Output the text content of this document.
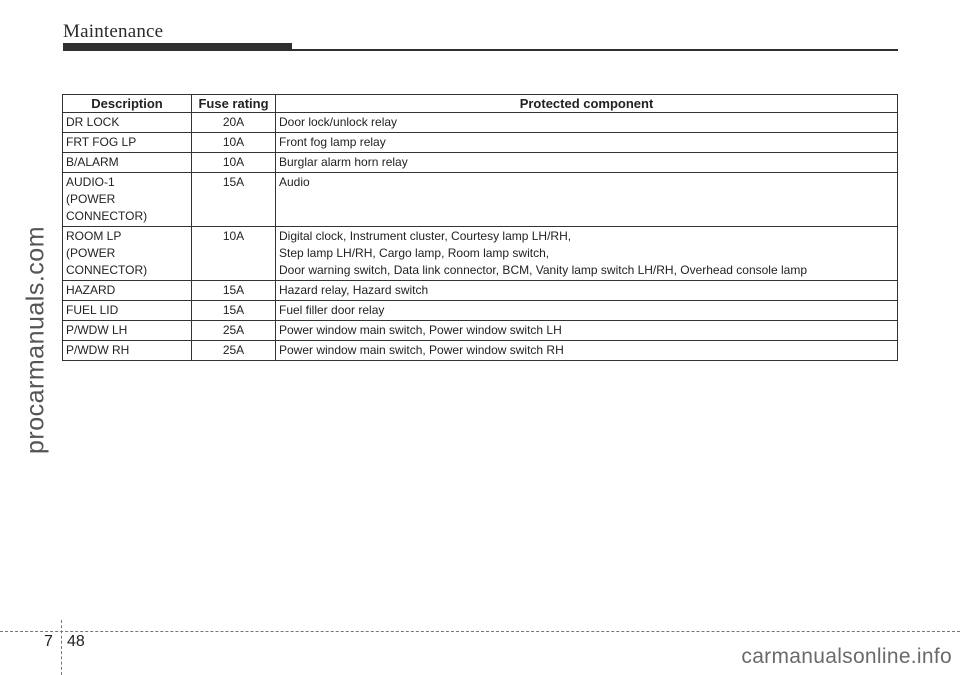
Maintenance
procarmanuals.com
Description	Fuse rating	Protected component

DR LOCK	20A	Door lock/unlock relay

FRT FOG LP	10A	Front fog lamp relay

B/ALARM	10A	Burglar alarm horn relay

AUDIO-1
(POWER
CONNECTOR)	15A	Audio

ROOM LP
(POWER
CONNECTOR)	10A	Digital clock, Instrument cluster, Courtesy lamp LH/RH,
Step lamp LH/RH, Cargo lamp, Room lamp switch,
Door warning switch, Data link connector, BCM, Vanity lamp switch LH/RH, Overhead console lamp

HAZARD	15A	Hazard relay, Hazard switch

FUEL LID	15A	Fuel filler door relay

P/WDW LH	25A	Power window main switch, Power window switch LH

P/WDW RH	25A	Power window main switch, Power window switch RH
7 48
carmanualsonline.info
